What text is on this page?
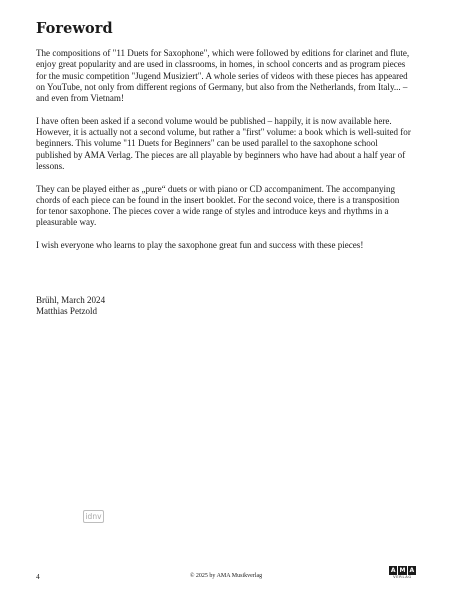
Foreword

The compositions of "11 Duets for Saxophone", which were followed by editions for clarinet and flute, enjoy great popularity and are used in classrooms, in homes, in school concerts and as program pieces for the music competition "Jugend Musiziert". A whole series of videos with these pieces has appeared on YouTube, not only from different regions of Germany, but also from the Netherlands, from Italy... – and even from Vietnam!

I have often been asked if a second volume would be published – happily, it is now available here. However, it is actually not a second volume, but rather a "first" volume: a book which is well-suited for beginners. This volume "11 Duets for Beginners" can be used parallel to the saxophone school published by AMA Verlag. The pieces are all playable by beginners who have had about a half year of lessons.

They can be played either as „pure“ duets or with piano or CD accompaniment. The accompanying chords of each piece can be found in the insert booklet. For the second voice, there is a transposition for tenor saxophone. The pieces cover a wide range of styles and introduce keys and rhythms in a pleasurable way.

I wish everyone who learns to play the saxophone great fun and success with these pieces!

Brühl, March 2024
Matthias Petzold
idnv
4	© 2025 by AMA Musikverlag
A M A
VERLAG
